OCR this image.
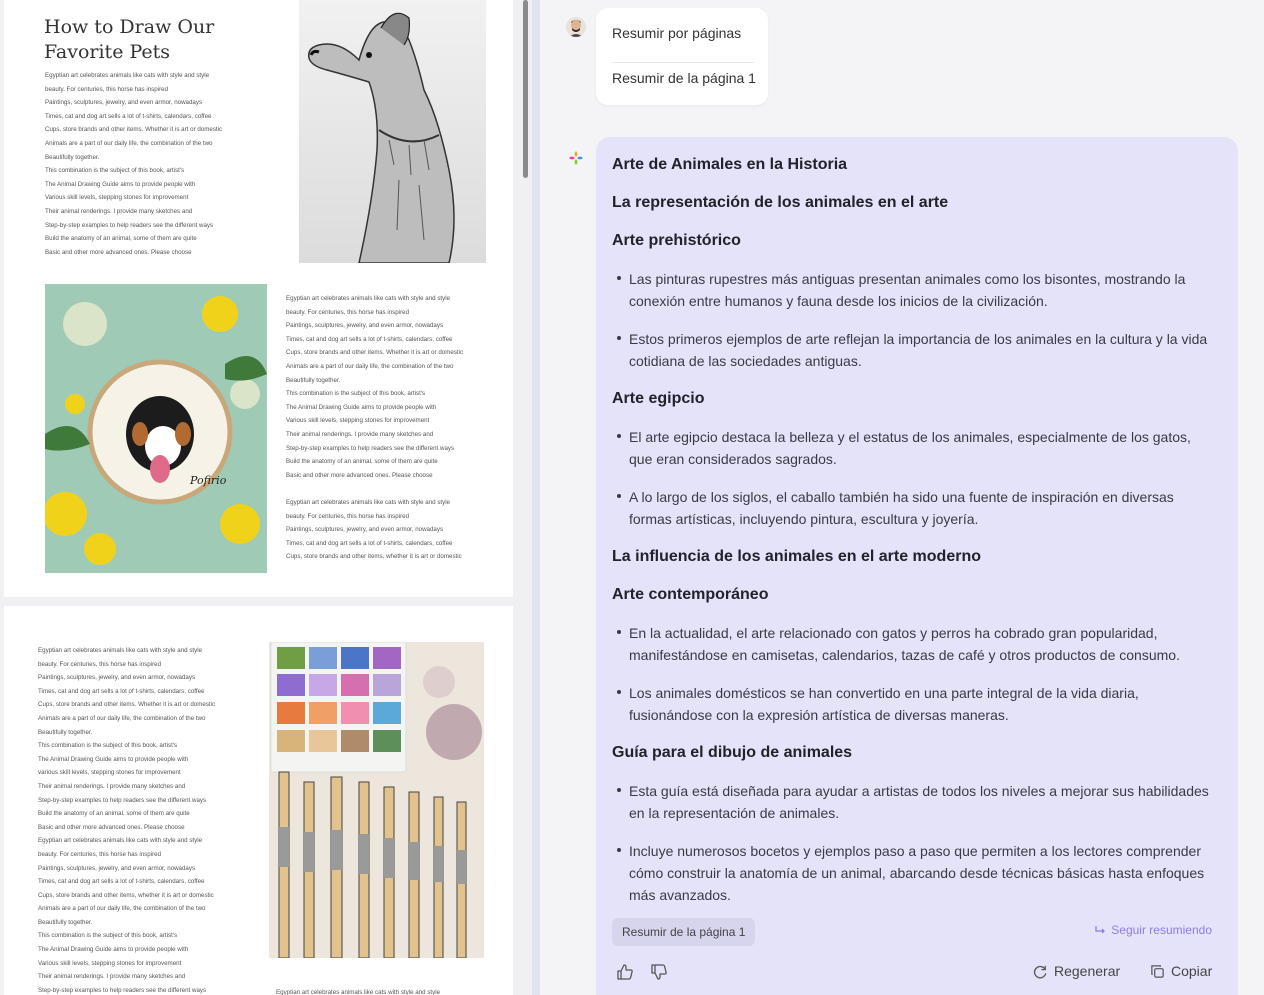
How to Draw Our
Favorite Pets
Egyptian art celebrates animals like cats with style and style
beauty. For centuries, this horse has inspired
Paintings, sculptures, jewelry, and even armor, nowadays
Times, cat and dog art sells a lot of t-shirts, calendars, coffee
Cups, store brands and other items. Whether it is art or domestic
Animals are a part of our daily life, the combination of the two
Beautifully together.
This combination is the subject of this book, artist's
The Animal Drawing Guide aims to provide people with
Various skill levels, stepping stones for improvement
Their animal renderings. I provide many sketches and
Step-by-step examples to help readers see the different ways
Build the anatomy of an animal, some of them are quite
Basic and other more advanced ones. Please choose
Pofirio
Egyptian art celebrates animals like cats with style and style
beauty. For centuries, this horse has inspired
Paintings, sculptures, jewelry, and even armor, nowadays
Times, cat and dog art sells a lot of t-shirts, calendars, coffee
Cups, store brands and other items. Whether it is art or domestic
Animals are a part of our daily life, the combination of the two
Beautifully together.
This combination is the subject of this book, artist's
The Animal Drawing Guide aims to provide people with
Various skill levels, stepping stones for improvement
Their animal renderings. I provide many sketches and
Step-by-step examples to help readers see the different ways
Build the anatomy of an animal, some of them are quite
Basic and other more advanced ones. Please choose
Egyptian art celebrates animals like cats with style and style
beauty. For centuries, this horse has inspired
Paintings, sculptures, jewelry, and even armor, nowadays
Times, cat and dog art sells a lot of t-shirts, calendars, coffee
Cups, store brands and other items, whether it is art or domestic
Egyptian art celebrates animals like cats with style and style
beauty. For centuries, this horse has inspired
Paintings, sculptures, jewelry, and even armor, nowadays
Times, cat and dog art sells a lot of t-shirts, calendars, coffee
Cups, store brands and other items. Whether it is art or domestic
Animals are a part of our daily life, the combination of the two
Beautifully together.
This combination is the subject of this book, artist's
The Animal Drawing Guide aims to provide people with
various skill levels, stepping stones for improvement
Their animal renderings. I provide many sketches and
Step-by-step examples to help readers see the different ways
Build the anatomy of an animal, some of them are quite
Basic and other more advanced ones. Please choose
Egyptian art celebrates animals like cats with style and style
beauty. For centuries, this horse has inspired
Paintings, sculptures, jewelry, and even armor, nowadays
Times, cat and dog art sells a lot of t-shirts, calendars, coffee
Cups, store brands and other items, whether it is art or domestic
Animals are a part of our daily life, the combination of the two
Beautifully together.
This combination is the subject of this book, artist's
The Animal Drawing Guide aims to provide people with
Various skill levels, stepping stones for improvement
Their animal renderings. I provide many sketches and
Step-by-step examples to help readers see the different ways	Egyptian art celebrates animals like cats with style and style
Resumir por páginas
Resumir de la página 1
Arte de Animales en la Historia
La representación de los animales en el arte
Arte prehistórico
Las pinturas rupestres más antiguas presentan animales como los bisontes, mostrando la
conexión entre humanos y fauna desde los inicios de la civilización.
Estos primeros ejemplos de arte reflejan la importancia de los animales en la cultura y la vida
cotidiana de las sociedades antiguas.
Arte egipcio
El arte egipcio destaca la belleza y el estatus de los animales, especialmente de los gatos,
que eran considerados sagrados.
A lo largo de los siglos, el caballo también ha sido una fuente de inspiración en diversas
formas artísticas, incluyendo pintura, escultura y joyería.
La influencia de los animales en el arte moderno
Arte contemporáneo
En la actualidad, el arte relacionado con gatos y perros ha cobrado gran popularidad,
manifestándose en camisetas, calendarios, tazas de café y otros productos de consumo.
Los animales domésticos se han convertido en una parte integral de la vida diaria,
fusionándose con la expresión artística de diversas maneras.
Guía para el dibujo de animales
Esta guía está diseñada para ayudar a artistas de todos los niveles a mejorar sus habilidades
en la representación de animales.
Incluye numerosos bocetos y ejemplos paso a paso que permiten a los lectores comprender
cómo construir la anatomía de un animal, abarcando desde técnicas básicas hasta enfoques
más avanzados.
Resumir de la página 1	Seguir resumiendo
Regenerar	Copiar
